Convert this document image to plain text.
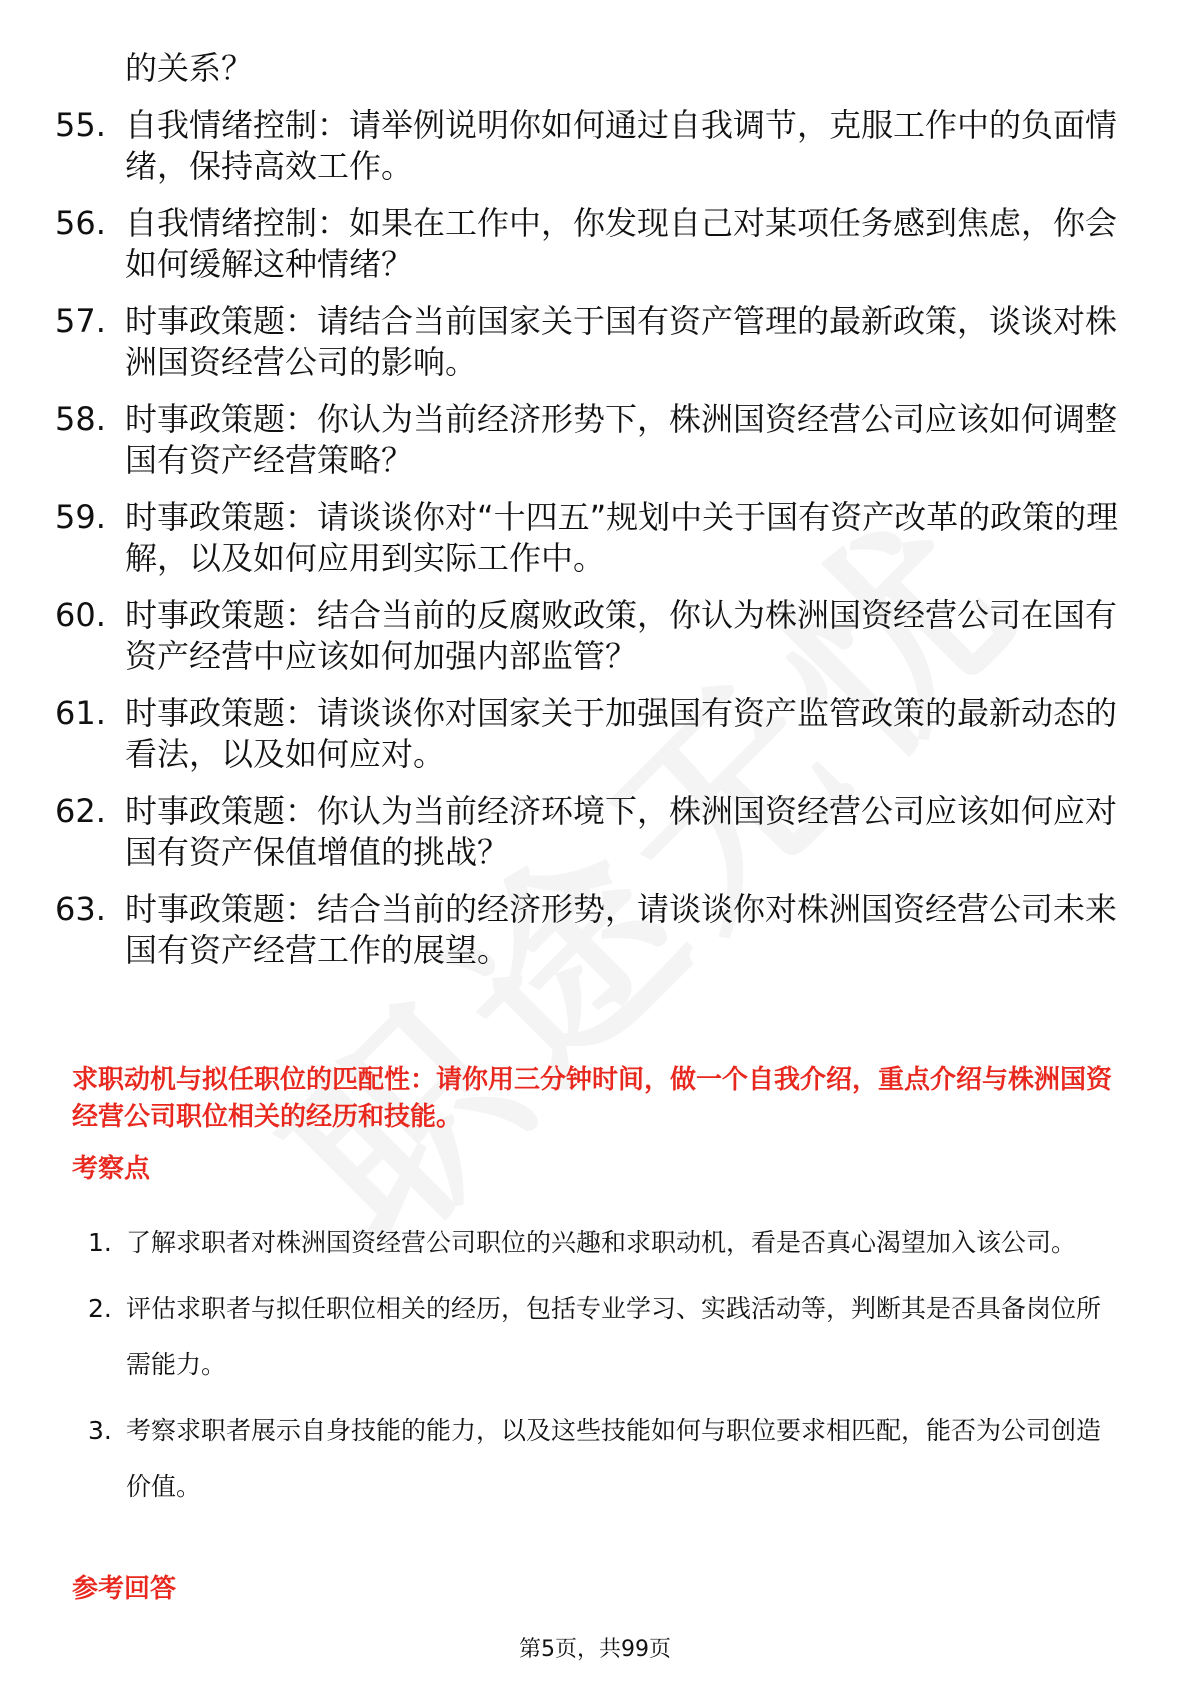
的关系？
55. 自我情绪控制：请举例说明你如何通过自我调节，克服工作中的负面情绪，保持高效工作。
56. 自我情绪控制：如果在工作中，你发现自己对某项任务感到焦虑，你会如何缓解这种情绪？
57. 时事政策题：请结合当前国家关于国有资产管理的最新政策，谈谈对株洲国资经营公司的影响。
58. 时事政策题：你认为当前经济形势下，株洲国资经营公司应该如何调整国有资产经营策略？
59. 时事政策题：请谈谈你对“十四五”规划中关于国有资产改革的政策的理解，以及如何应用到实际工作中。
60. 时事政策题：结合当前的反腐败政策，你认为株洲国资经营公司在国有资产经营中应该如何加强内部监管？
61. 时事政策题：请谈谈你对国家关于加强国有资产监管政策的最新动态的看法，以及如何应对。
62. 时事政策题：你认为当前经济环境下，株洲国资经营公司应该如何应对国有资产保值增值的挑战？
63. 时事政策题：结合当前的经济形势，请谈谈你对株洲国资经营公司未来国有资产经营工作的展望。
求职动机与拟任职位的匹配性：请你用三分钟时间，做一个自我介绍，重点介绍与株洲国资经营公司职位相关的经历和技能。
考察点
1. 了解求职者对株洲国资经营公司职位的兴趣和求职动机，看是否真心渴望加入该公司。
2. 评估求职者与拟任职位相关的经历，包括专业学习、实践活动等，判断其是否具备岗位所需能力。
3. 考察求职者展示自身技能的能力，以及这些技能如何与职位要求相匹配，能否为公司创造价值。
参考回答
第5页，共99页
